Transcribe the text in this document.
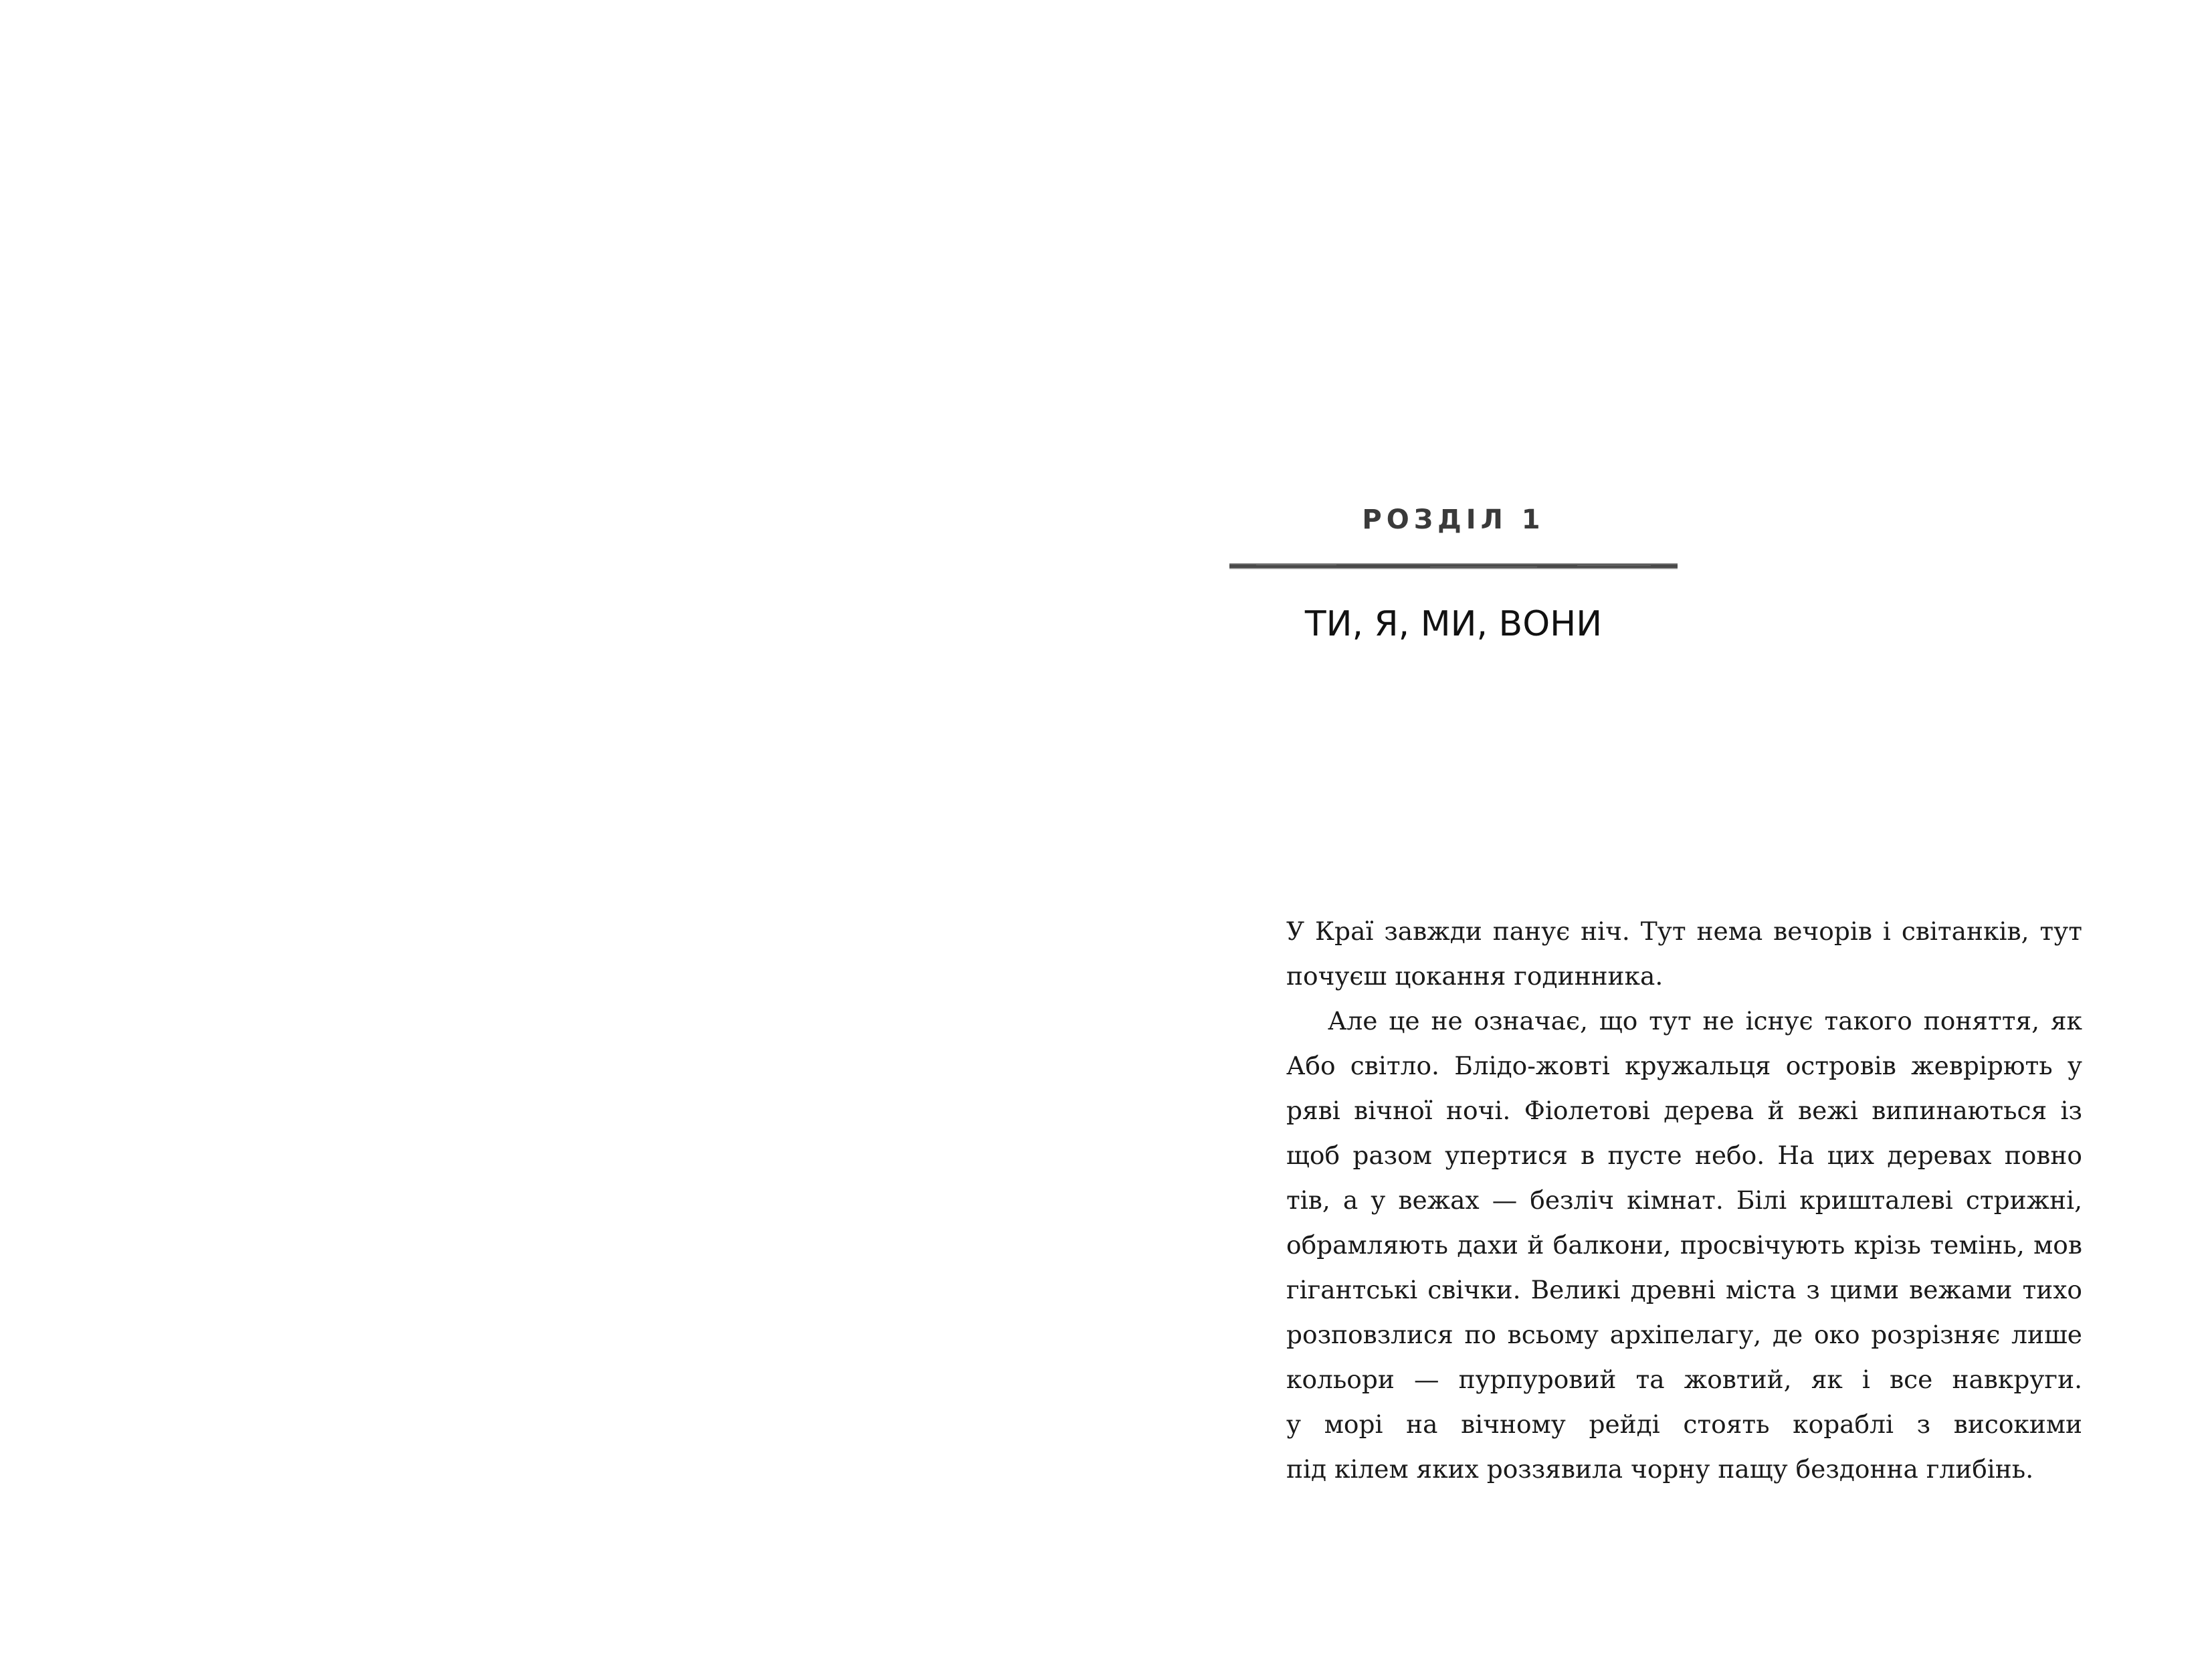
РОЗДІЛ 1
ТИ, Я, МИ, ВОНИ
У Краї завжди панує ніч. Тут нема вечорів і світанків, тут
почуєш цокання годинника.
Але це не означає, що тут не існує такого поняття, як
Або світло. Блідо-жовті кружальця островів жеврірють у
ряві вічної ночі. Фіолетові дерева й вежі випинаються із
щоб разом упертися в пусте небо. На цих деревах повно
тів, а у вежах — безліч кімнат. Білі кришталеві стрижні,
обрамляють дахи й балкони, просвічують крізь темінь, мов
гігантські свічки. Великі древні міста з цими вежами тихо
розповзлися по всьому архіпелагу, де око розрізняє лише
кольори — пурпуровий та жовтий, як і все навкруги.
у морі на вічному рейді стоять кораблі з високими
під кілем яких роззявила чорну пащу бездонна глибінь.
